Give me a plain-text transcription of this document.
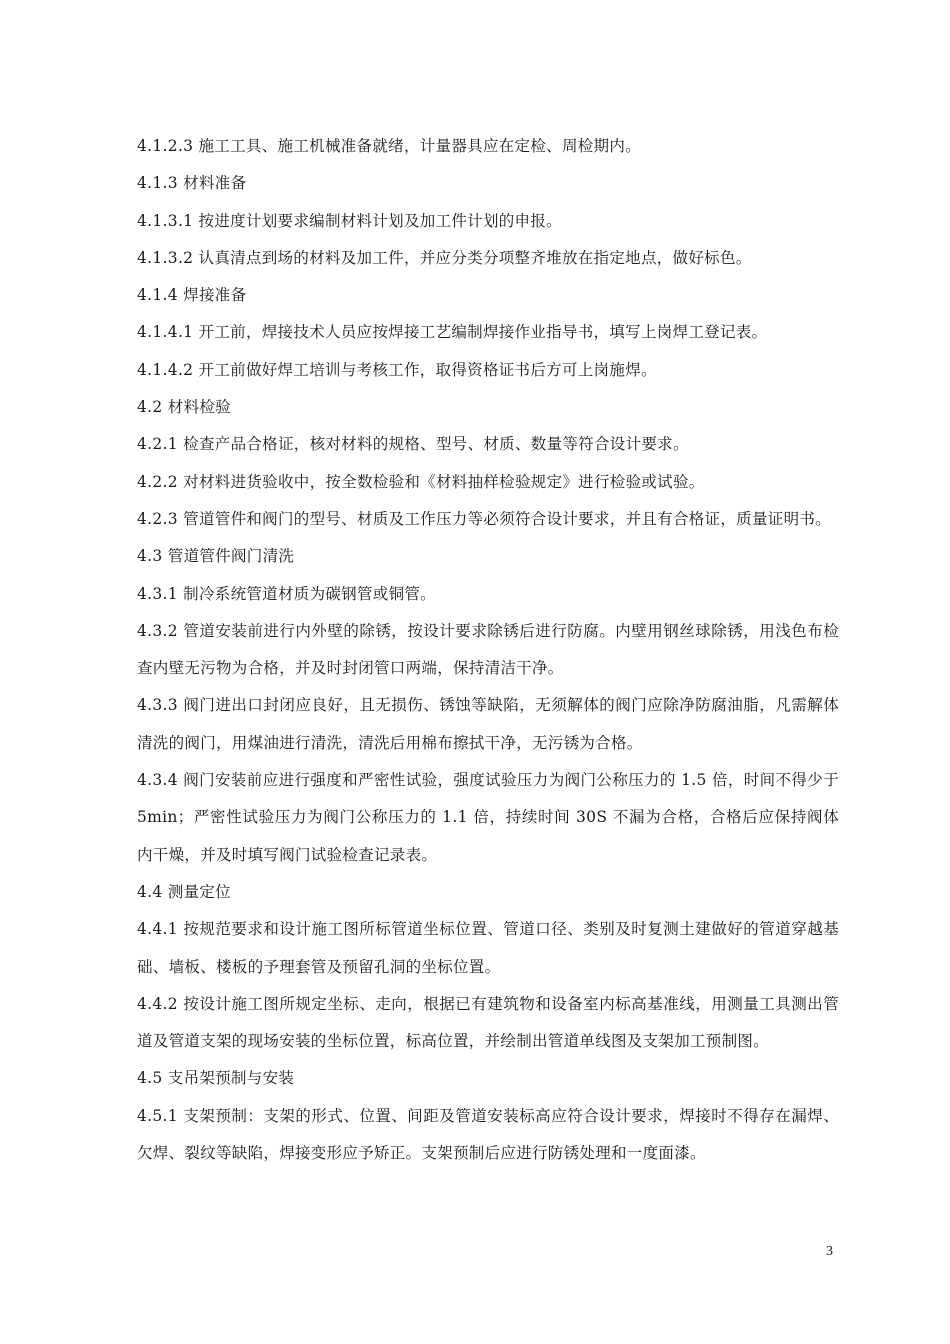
4.1.2.3 施工工具、施工机械准备就绪，计量器具应在定检、周检期内。

4.1.3 材料准备

4.1.3.1 按进度计划要求编制材料计划及加工件计划的申报。

4.1.3.2 认真清点到场的材料及加工件，并应分类分项整齐堆放在指定地点，做好标色。

4.1.4 焊接准备

4.1.4.1 开工前，焊接技术人员应按焊接工艺编制焊接作业指导书，填写上岗焊工登记表。

4.1.4.2 开工前做好焊工培训与考核工作，取得资格证书后方可上岗施焊。

4.2 材料检验

4.2.1 检查产品合格证，核对材料的规格、型号、材质、数量等符合设计要求。

4.2.2 对材料进货验收中，按全数检验和《材料抽样检验规定》进行检验或试验。

4.2.3 管道管件和阀门的型号、材质及工作压力等必须符合设计要求，并且有合格证，质量证明书。

4.3 管道管件阀门清洗

4.3.1 制冷系统管道材质为碳钢管或铜管。

4.3.2 管道安装前进行内外壁的除锈，按设计要求除锈后进行防腐。内壁用钢丝球除锈，用浅色布检查内壁无污物为合格，并及时封闭管口两端，保持清洁干净。

4.3.3 阀门进出口封闭应良好，且无损伤、锈蚀等缺陷，无须解体的阀门应除净防腐油脂，凡需解体清洗的阀门，用煤油进行清洗，清洗后用棉布擦拭干净，无污锈为合格。

4.3.4 阀门安装前应进行强度和严密性试验，强度试验压力为阀门公称压力的 1.5 倍，时间不得少于 5min；严密性试验压力为阀门公称压力的 1.1 倍，持续时间 30S 不漏为合格，合格后应保持阀体内干燥，并及时填写阀门试验检查记录表。

4.4 测量定位

4.4.1 按规范要求和设计施工图所标管道坐标位置、管道口径、类别及时复测土建做好的管道穿越基础、墙板、楼板的予理套管及预留孔洞的坐标位置。

4.4.2 按设计施工图所规定坐标、走向，根据已有建筑物和设备室内标高基准线，用测量工具测出管道及管道支架的现场安装的坐标位置，标高位置，并绘制出管道单线图及支架加工预制图。

4.5 支吊架预制与安装

4.5.1 支架预制：支架的形式、位置、间距及管道安装标高应符合设计要求，焊接时不得存在漏焊、欠焊、裂纹等缺陷，焊接变形应予矫正。支架预制后应进行防锈处理和一度面漆。

3
